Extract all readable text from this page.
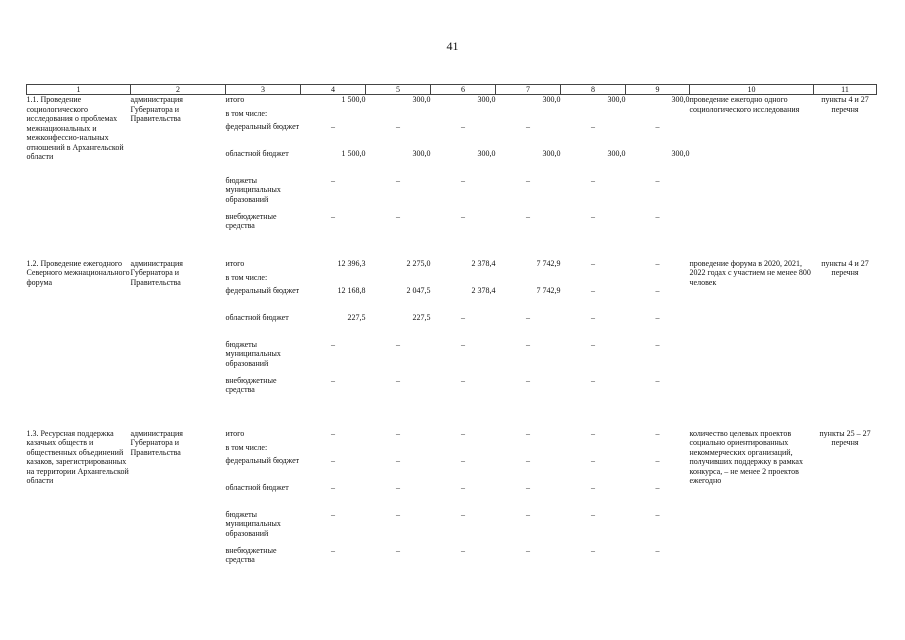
41
1	2	3	4	5	6	7	8	9	10	11
1.1. Проведение социологического исследования о проблемах межнациональных и межконфессио-нальных отношений в Архангельской области	администрация Губернатора и Правительства	итого	1 500,0	300,0	300,0	300,0	300,0	300,0	проведение ежегодно одного социологического исследования	пункты 4 и 27 перечня
		в том числе:								
		федеральный бюджет	–	–	–	–	–	–		
		областной бюджет	1 500,0	300,0	300,0	300,0	300,0	300,0		
		бюджеты муниципальных образований	–	–	–	–	–	–		
		внебюджетные средства	–	–	–	–	–	–		

1.2. Проведение ежегодного Северного межнационального форума	администрация Губернатора и Правительства	итого	12 396,3	2 275,0	2 378,4	7 742,9	–	–	проведение форума в 2020, 2021, 2022 годах с участием не менее 800 человек	пункты 4 и 27 перечня
		в том числе:								
		федеральный бюджет	12 168,8	2 047,5	2 378,4	7 742,9	–	–		
		областной бюджет	227,5	227,5	–	–	–	–		
		бюджеты муниципальных образований	–	–	–	–	–	–		
		внебюджетные средства	–	–	–	–	–	–		

1.3. Ресурсная поддержка казачьих обществ и общественных объединений казаков, зарегистрированных на территории Архангельской области	администрация Губернатора и Правительства	итого	–	–	–	–	–	–	количество целевых проектов социально ориентированных некоммерческих организаций, получивших поддержку в рамках конкурса, – не менее 2 проектов ежегодно	пункты 25 – 27 перечня
		в том числе:								
		федеральный бюджет	–	–	–	–	–	–		
		областной бюджет	–	–	–	–	–	–		
		бюджеты муниципальных образований	–	–	–	–	–	–		
		внебюджетные средства	–	–	–	–	–	–		
